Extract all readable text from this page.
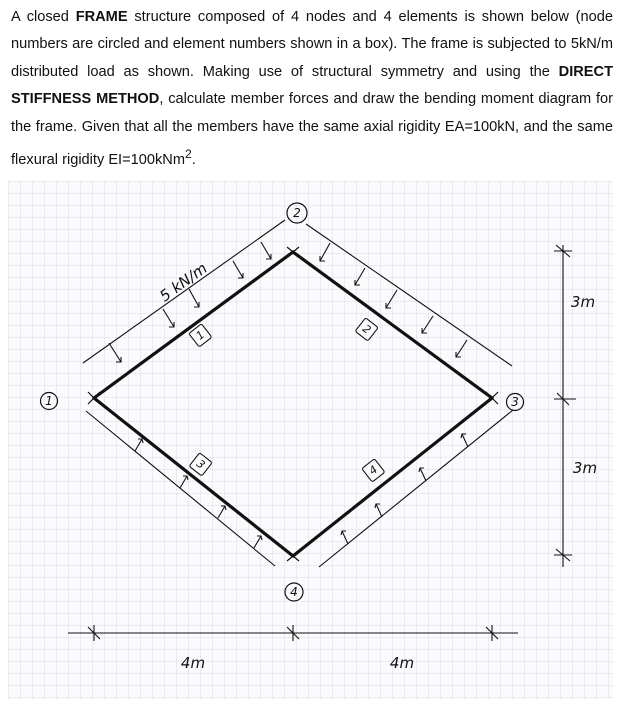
A closed FRAME structure composed of 4 nodes and 4 elements is shown below (node numbers are circled and element numbers shown in a box). The frame is subjected to 5kN/m distributed load as shown. Making use of structural symmetry and using the DIRECT STIFFNESS METHOD, calculate member forces and draw the bending moment diagram for the frame. Given that all the members have the same axial rigidity EA=100kN, and the same flexural rigidity EI=100kNm$^2$.
1
2
3
4
1	2
3	4
5 kN/m	3m
3m
4m	4m
